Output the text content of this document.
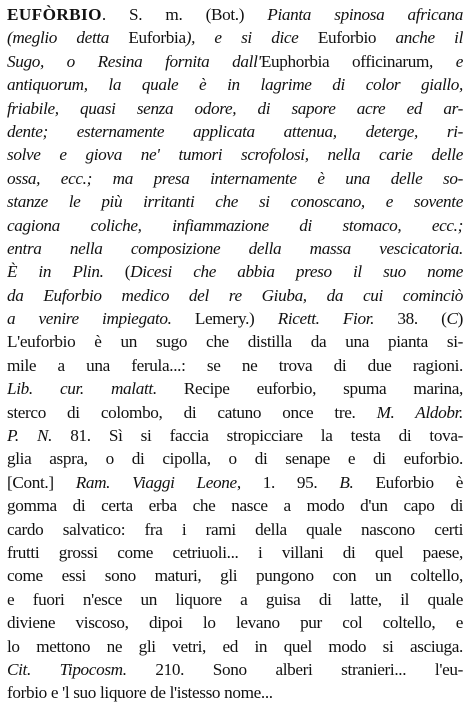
EUFÒRBIO. S. m. (Bot.) Pianta spinosa africana
(meglio detta Euforbia), e si dice Euforbio anche il
Sugo, o Resina fornita dall'Euphorbia officinarum, e
antiquorum, la quale è in lagrime di color giallo,
friabile, quasi senza odore, di sapore acre ed ar-
dente; esternamente applicata attenua, deterge, ri-
solve e giova ne' tumori scrofolosi, nella carie delle
ossa, ecc.; ma presa internamente è una delle so-
stanze le più irritanti che si conoscano, e sovente
cagiona coliche, infiammazione di stomaco, ecc.;
entra nella composizione della massa vescicatoria.
È in Plin. (Dicesi che abbia preso il suo nome
da Euforbio medico del re Giuba, da cui cominciò
a venire impiegato. Lemery.) Ricett. Fior. 38. (C)
L'euforbio è un sugo che distilla da una pianta si-
mile a una ferula...: se ne trova di due ragioni.
Lib. cur. malatt. Recipe euforbio, spuma marina,
sterco di colombo, di catuno once tre. M. Aldobr.
P. N. 81. Sì si faccia stropicciare la testa di tova-
glia aspra, o di cipolla, o di senape e di euforbio.
[Cont.] Ram. Viaggi Leone, 1. 95. B. Euforbio è
gomma di certa erba che nasce a modo d'un capo di
cardo salvatico: fra i rami della quale nascono certi
frutti grossi come cetriuoli... i villani di quel paese,
come essi sono maturi, gli pungono con un coltello,
e fuori n'esce un liquore a guisa di latte, il quale
diviene viscoso, dipoi lo levano pur col coltello, e
lo mettono ne gli vetri, ed in quel modo si asciuga.
Cit. Tipocosm. 210. Sono alberi stranieri... l'eu-
forbio e 'l suo liquore de l'istesso nome...
